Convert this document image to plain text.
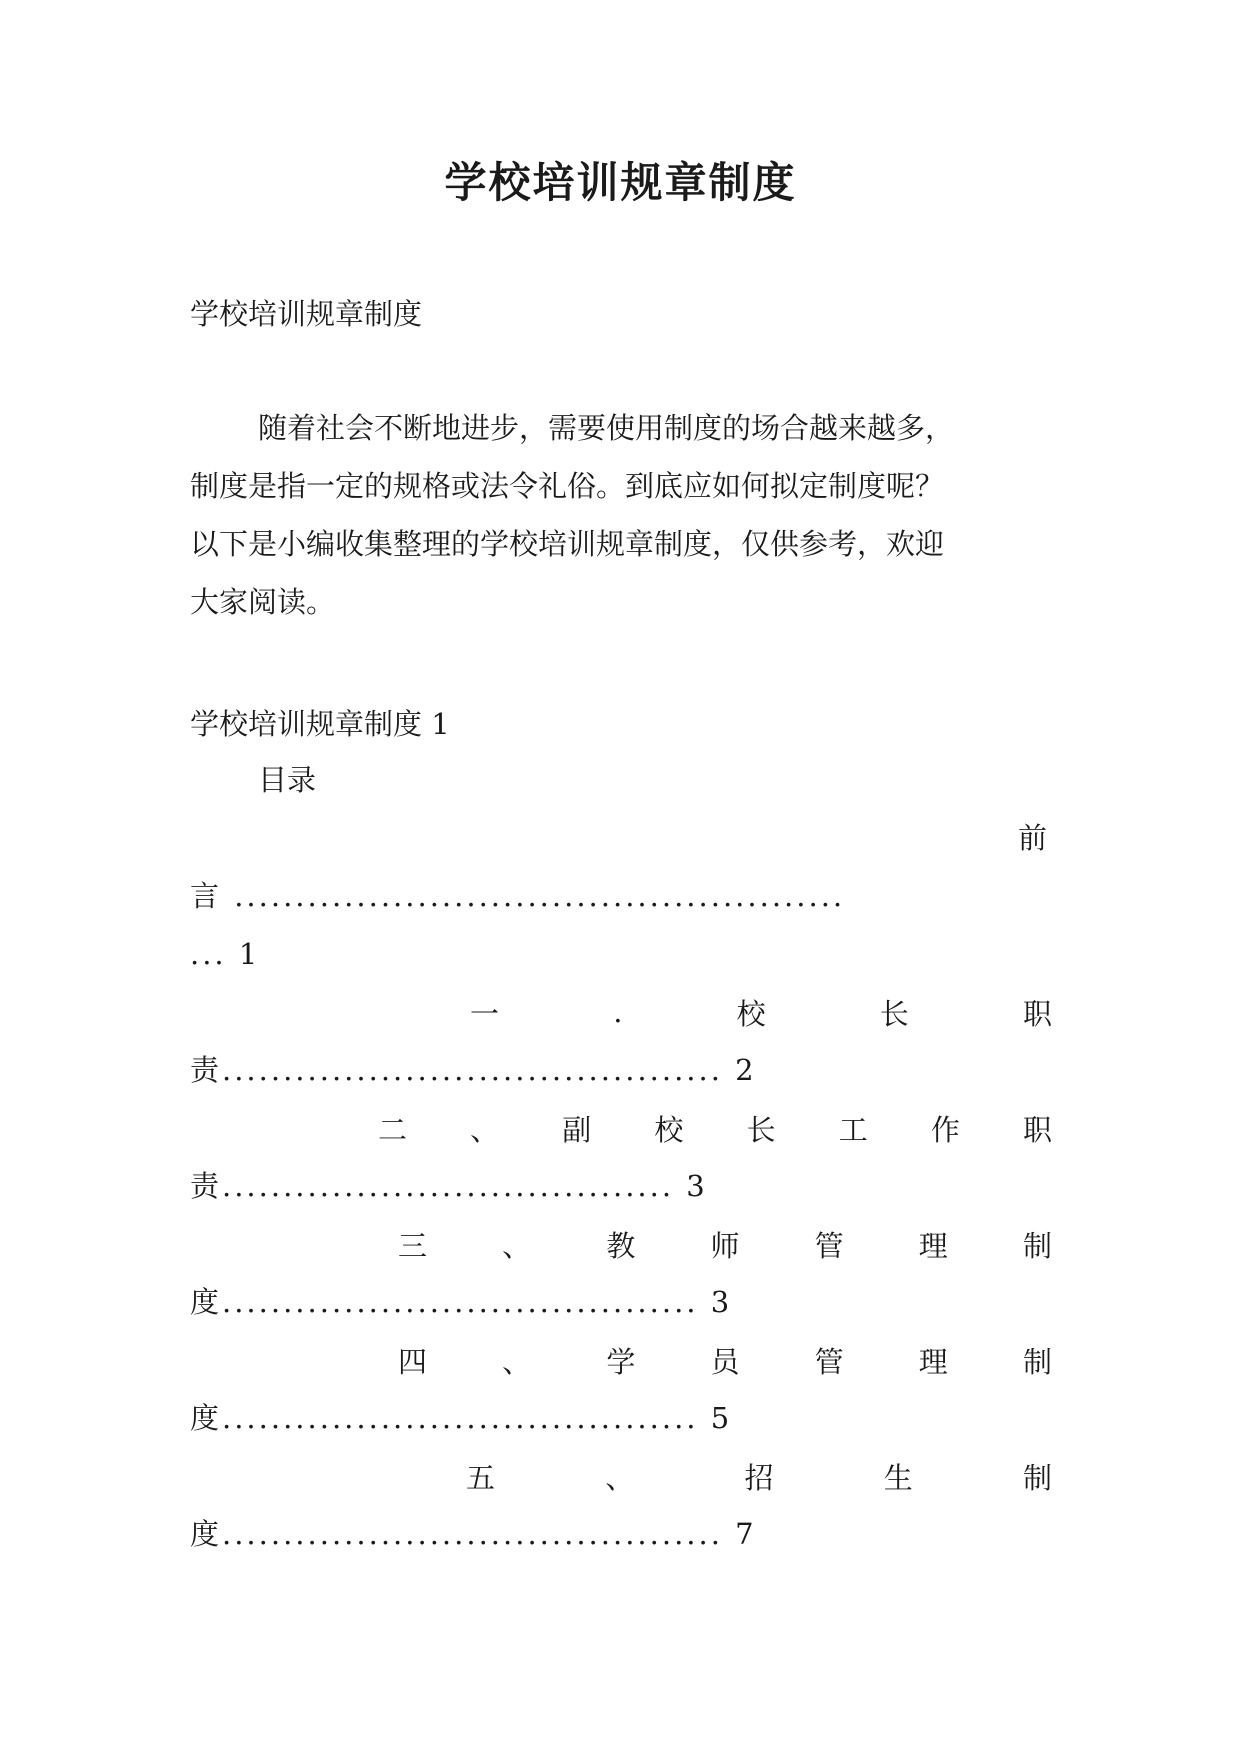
学校培训规章制度
学校培训规章制度
随着社会不断地进步，需要使用制度的场合越来越多，
制度是指一定的规格或法令礼俗。到底应如何拟定制度呢？
以下是小编收集整理的学校培训规章制度，仅供参考，欢迎
大家阅读。
学校培训规章制度 1
目录
前
言 ..................................................
... 1
一	.	校	长	职
责......................................... 2
二 、 副 校 长 工 作 职
责..................................... 3
三	、	教	师	管	理	制
度....................................... 3
四	、	学	员	管	理	制
度....................................... 5
五	、	招	生	制
度......................................... 7
